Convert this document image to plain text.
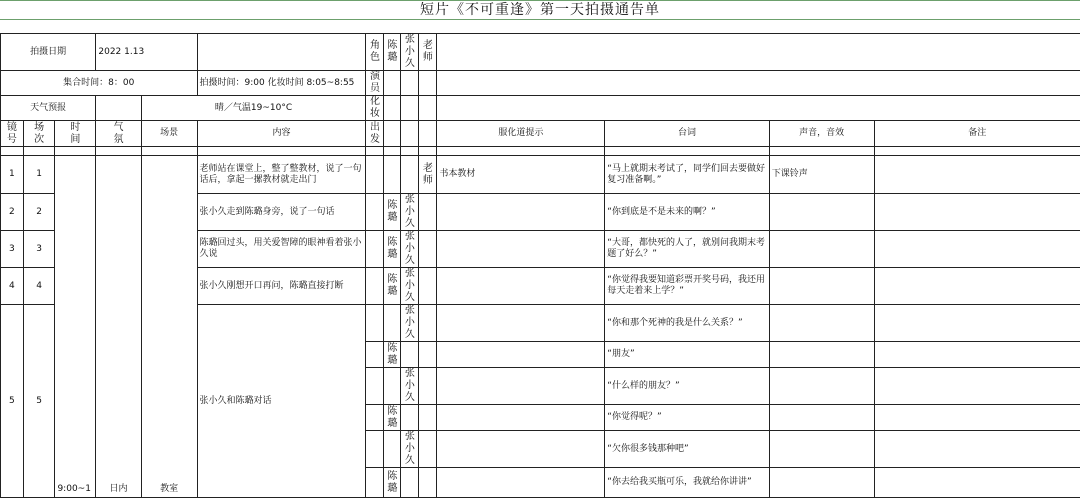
短片《不可重逢》第一天拍摄通告单
拍摄日期			2022 1.13			角色	陈璐	张小久	老师				

集合时间：8：00					拍摄时间：9:00 化妆时间 8:05~8:55	演员							

天气预报				晴／气温19~10°C		化妆							

镜号	场次	时间	气氛	场景	内容	出发				服化道提示	台词	声音，音效	备注

1	1	9:00~1	日内	教室	老师站在课堂上，整了整教材，说了一句话后，拿起一摞教材就走出门				老师	书本教材	“马上就期末考试了，同学们回去要做好复习准备啊。”	下课铃声	
2	2				张小久走到陈璐身旁，说了一句话		陈璐	张小久			“你到底是不是未来的啊？”		
3	3				陈璐回过头，用关爱智障的眼神看着张小久说		陈璐	张小久			“大哥，都快死的人了，就别问我期末考题了好么？”		
4	4				张小久刚想开口再问，陈璐直接打断		陈璐	张小久			“你觉得我要知道彩票开奖号码，我还用每天走着来上学？”		
5	5				张小久和陈璐对话			张小久			“你和那个死神的我是什么关系？”		

							陈璐				“朋友”		

								张小久			“什么样的朋友？”		

							陈璐				“你觉得呢？”		

								张小久			“欠你很多钱那种吧”		

							陈璐				“你去给我买瓶可乐，我就给你讲讲”		
